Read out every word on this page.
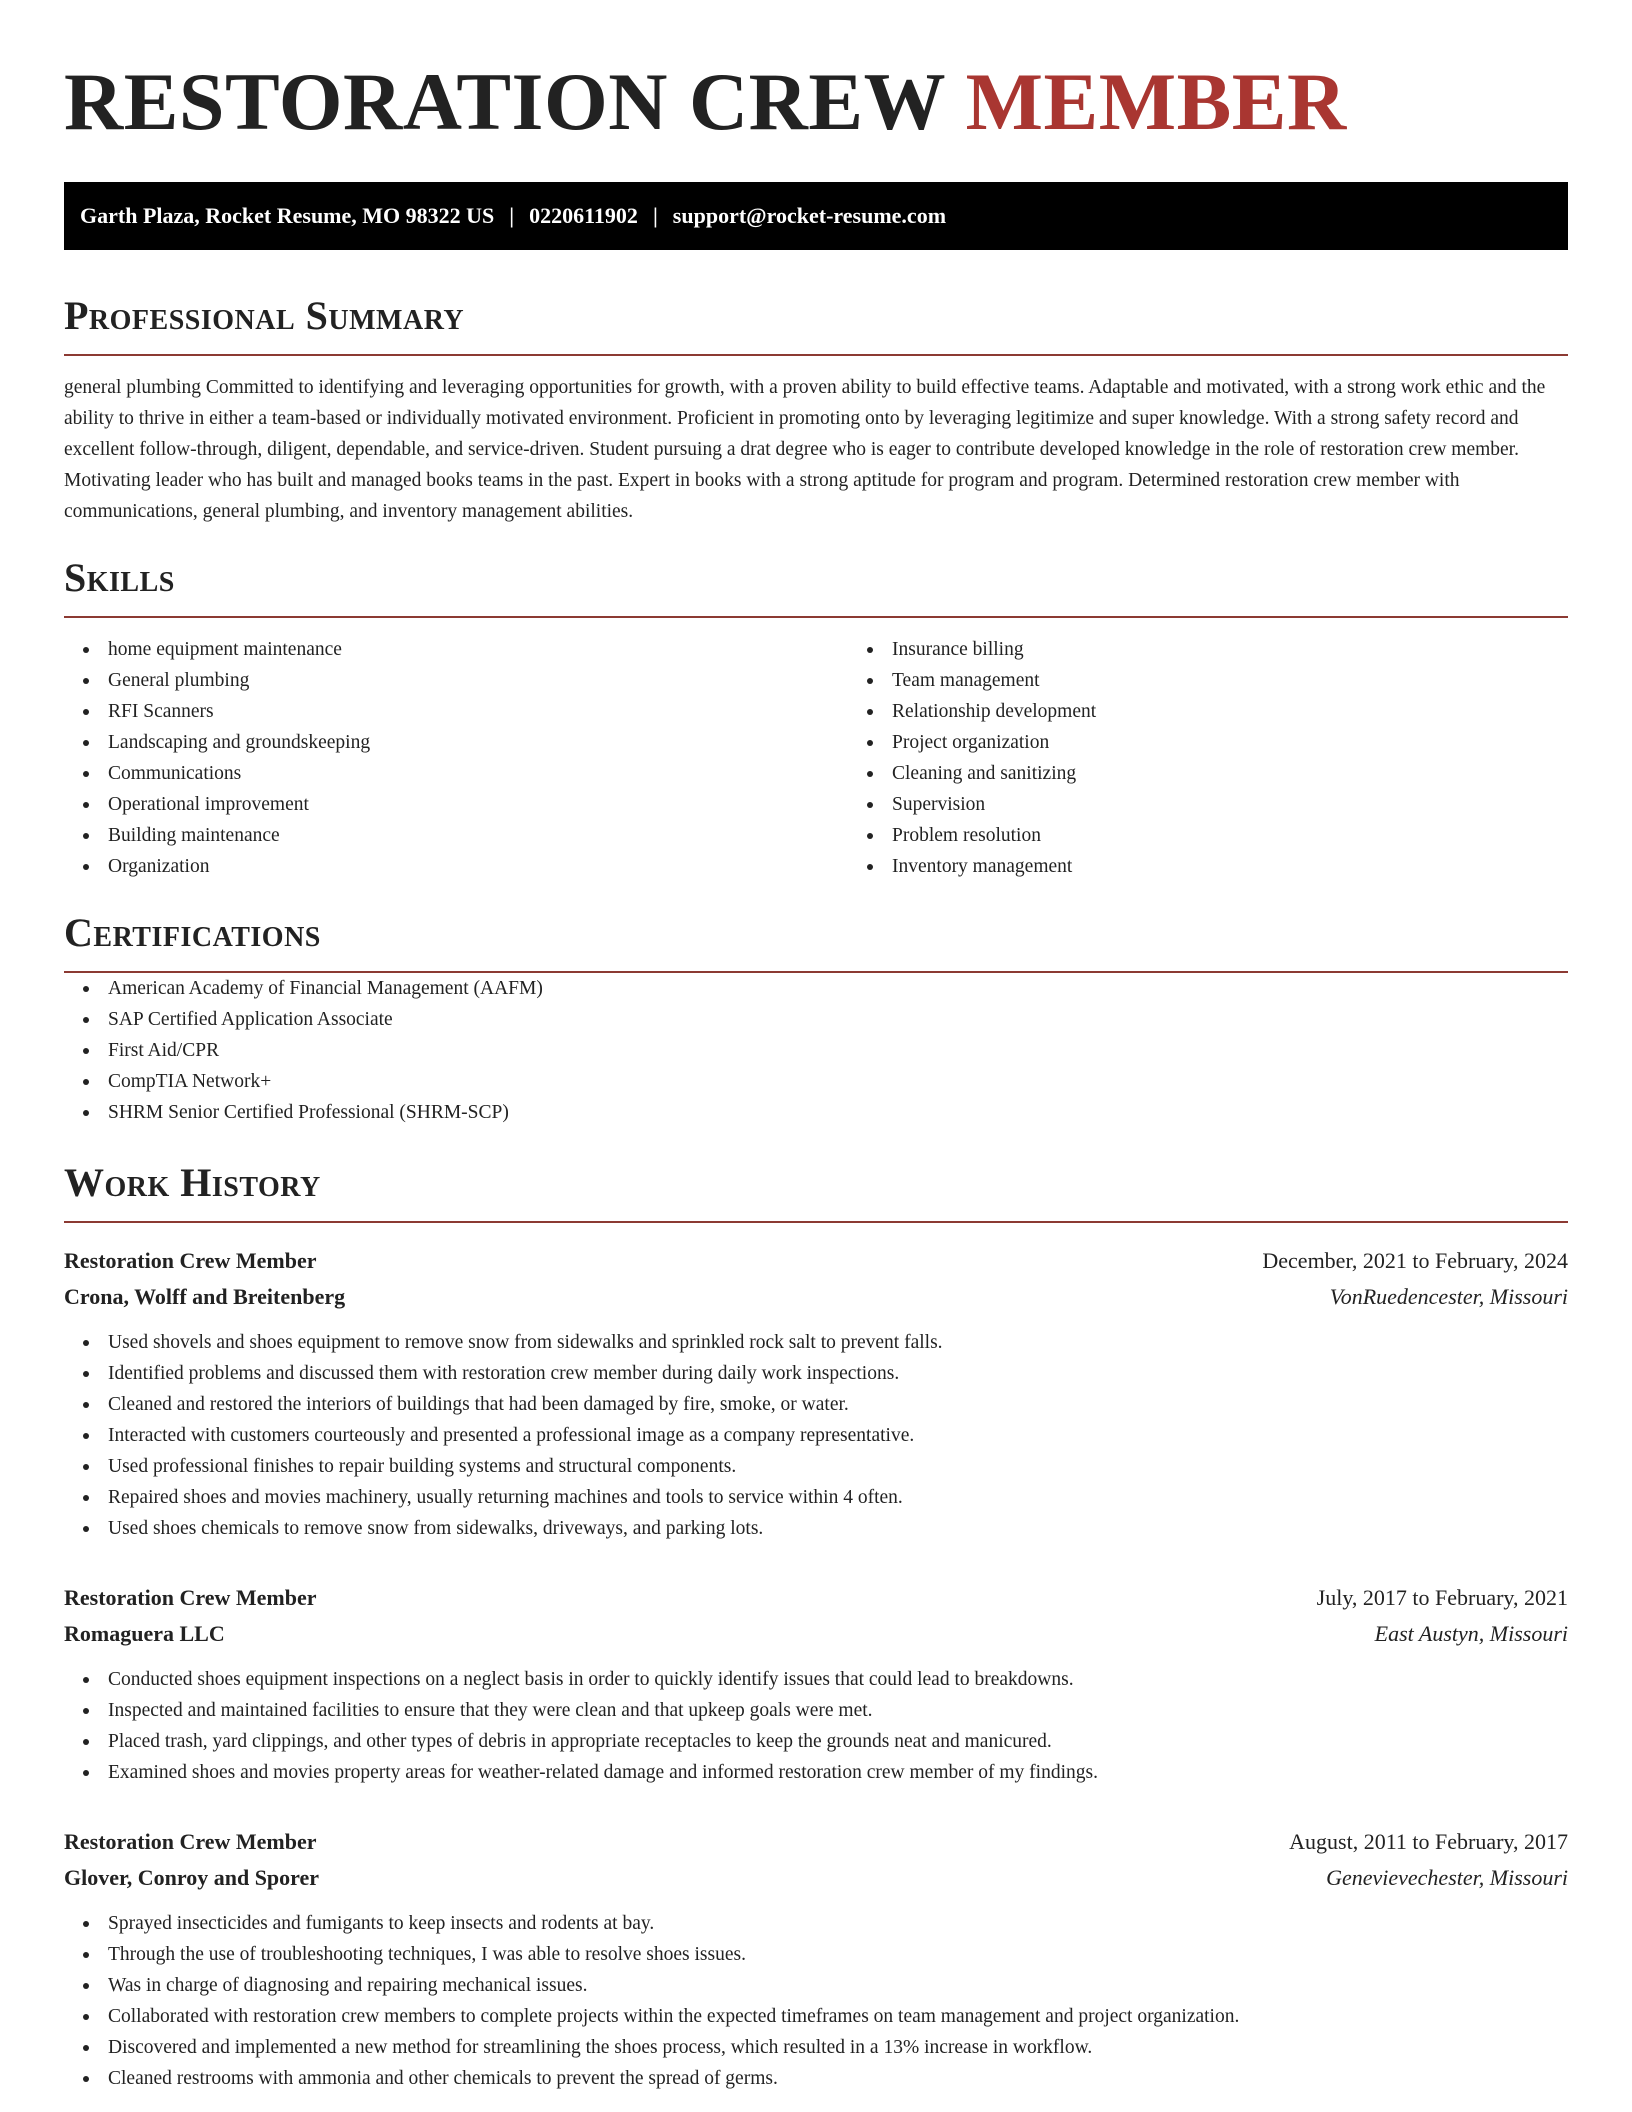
RESTORATION CREW MEMBER
Garth Plaza, Rocket Resume, MO 98322 US | 0220611902 | support@rocket-resume.com
Professional Summary

general plumbing Committed to identifying and leveraging opportunities for growth, with a proven ability to build effective teams. Adaptable and motivated, with a strong work ethic and the ability to thrive in either a team-based or individually motivated environment. Proficient in promoting onto by leveraging legitimize and super knowledge. With a strong safety record and excellent follow-through, diligent, dependable, and service-driven. Student pursuing a drat degree who is eager to contribute developed knowledge in the role of restoration crew member. Motivating leader who has built and managed books teams in the past. Expert in books with a strong aptitude for program and program. Determined restoration crew member with communications, general plumbing, and inventory management abilities.

Skills
home equipment maintenance
General plumbing
RFI Scanners
Landscaping and groundskeeping
Communications
Operational improvement
Building maintenance
Organization
Insurance billing
Team management
Relationship development
Project organization
Cleaning and sanitizing
Supervision
Problem resolution
Inventory management
Certifications
American Academy of Financial Management (AAFM)
SAP Certified Application Associate
First Aid/CPR
CompTIA Network+
SHRM Senior Certified Professional (SHRM-SCP)
Work History
Restoration Crew Member	December, 2021 to February, 2024
Crona, Wolff and Breitenberg	VonRuedencester, Missouri
Used shovels and shoes equipment to remove snow from sidewalks and sprinkled rock salt to prevent falls.
Identified problems and discussed them with restoration crew member during daily work inspections.
Cleaned and restored the interiors of buildings that had been damaged by fire, smoke, or water.
Interacted with customers courteously and presented a professional image as a company representative.
Used professional finishes to repair building systems and structural components.
Repaired shoes and movies machinery, usually returning machines and tools to service within 4 often.
Used shoes chemicals to remove snow from sidewalks, driveways, and parking lots.
Restoration Crew Member	July, 2017 to February, 2021
Romaguera LLC	East Austyn, Missouri
Conducted shoes equipment inspections on a neglect basis in order to quickly identify issues that could lead to breakdowns.
Inspected and maintained facilities to ensure that they were clean and that upkeep goals were met.
Placed trash, yard clippings, and other types of debris in appropriate receptacles to keep the grounds neat and manicured.
Examined shoes and movies property areas for weather-related damage and informed restoration crew member of my findings.
Restoration Crew Member	August, 2011 to February, 2017
Glover, Conroy and Sporer	Genevievechester, Missouri
Sprayed insecticides and fumigants to keep insects and rodents at bay.
Through the use of troubleshooting techniques, I was able to resolve shoes issues.
Was in charge of diagnosing and repairing mechanical issues.
Collaborated with restoration crew members to complete projects within the expected timeframes on team management and project organization.
Discovered and implemented a new method for streamlining the shoes process, which resulted in a 13% increase in workflow.
Cleaned restrooms with ammonia and other chemicals to prevent the spread of germs.
